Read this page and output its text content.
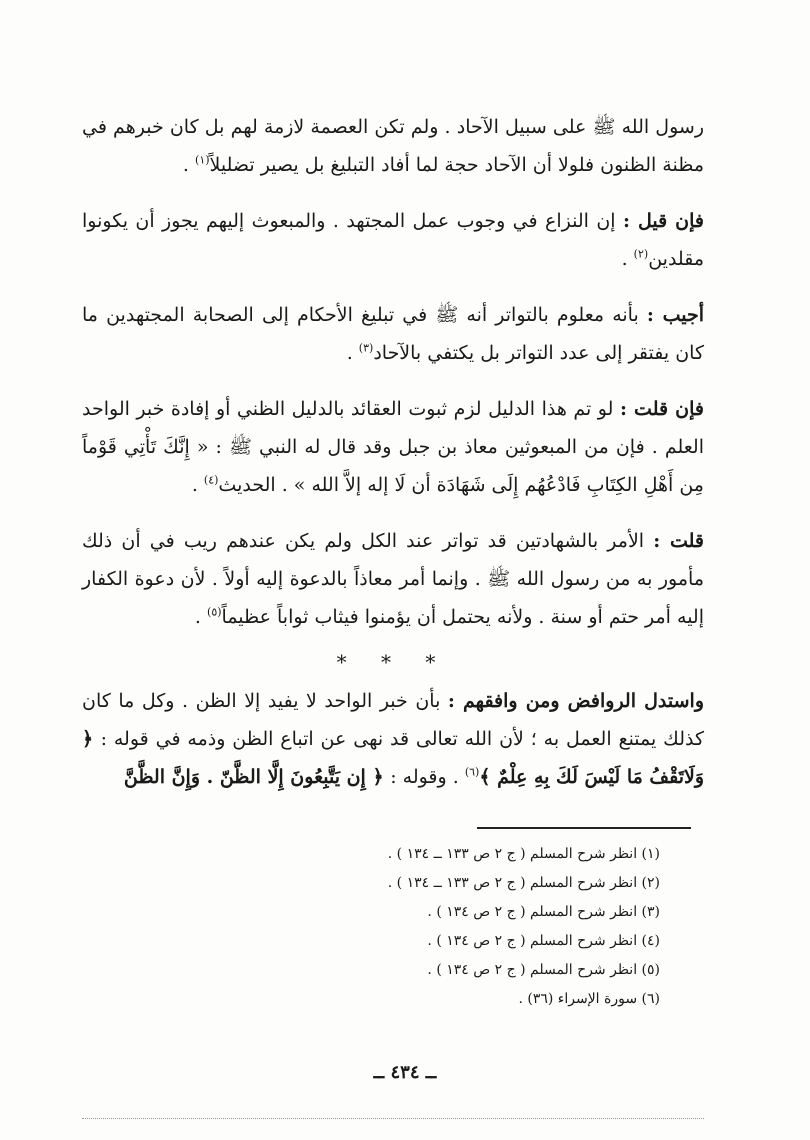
رسول الله ﷺ على سبيل الآحاد . ولم تكن العصمة لازمة لهم بل كان خبرهم في مظنة الظنون فلولا أن الآحاد حجة لما أفاد التبليغ بل يصير تضليلاً$^{(١)}$ .

فإن قيل : إن النزاع في وجوب عمل المجتهد . والمبعوث إليهم يجوز أن يكونوا مقلدين$^{(٢)}$ .

أجيب : بأنه معلوم بالتواتر أنه ﷺ في تبليغ الأحكام إلى الصحابة المجتهدين ما كان يفتقر إلى عدد التواتر بل يكتفي بالآحاد$^{(٣)}$ .

فإن قلت : لو تم هذا الدليل لزم ثبوت العقائد بالدليل الظني أو إفادة خبر الواحد العلم . فإن من المبعوثين معاذ بن جبل وقد قال له النبي ﷺ : « إِنَّكَ تَأْتِي قَوْماً مِن أَهْلِ الكِتَابِ فَادْعُهُم إِلَى شَهَادَة أن لَا إله إلاَّ الله » . الحديث$^{(٤)}$ .

قلت : الأمر بالشهادتين قد تواتر عند الكل ولم يكن عندهم ريب في أن ذلك مأمور به من رسول الله ﷺ . وإنما أمر معاذاً بالدعوة إليه أولاً . لأن دعوة الكفار إليه أمر حتم أو سنة . ولأنه يحتمل أن يؤمنوا فيثاب ثواباً عظيماً$^{(٥)}$ .

* * *

واستدل الروافض ومن وافقهم : بأن خبر الواحد لا يفيد إلا الظن . وكل ما كان كذلك يمتنع العمل به ؛ لأن الله تعالى قد نهى عن اتباع الظن وذمه في قوله : ﴿ وَلَاتَقْفُ مَا لَيْسَ لَكَ بِهِ عِلْمٌ ﴾$^{(٦)}$ . وقوله : ﴿ إِن يَتَّبِعُونَ إِلَّا الظَّنّ . وَإِنَّ الظَّنَّ

(١) انظر شرح المسلم ( ج ٢ ص ١٣٣ ــ ١٣٤ ) .
(٢) انظر شرح المسلم ( ج ٢ ص ١٣٣ ــ ١٣٤ ) .
(٣) انظر شرح المسلم ( ج ٢ ص ١٣٤ ) .
(٤) انظر شرح المسلم ( ج ٢ ص ١٣٤ ) .
(٥) انظر شرح المسلم ( ج ٢ ص ١٣٤ ) .
(٦) سورة الإسراء (٣٦) .
ــ ٤٣٤ ــ
